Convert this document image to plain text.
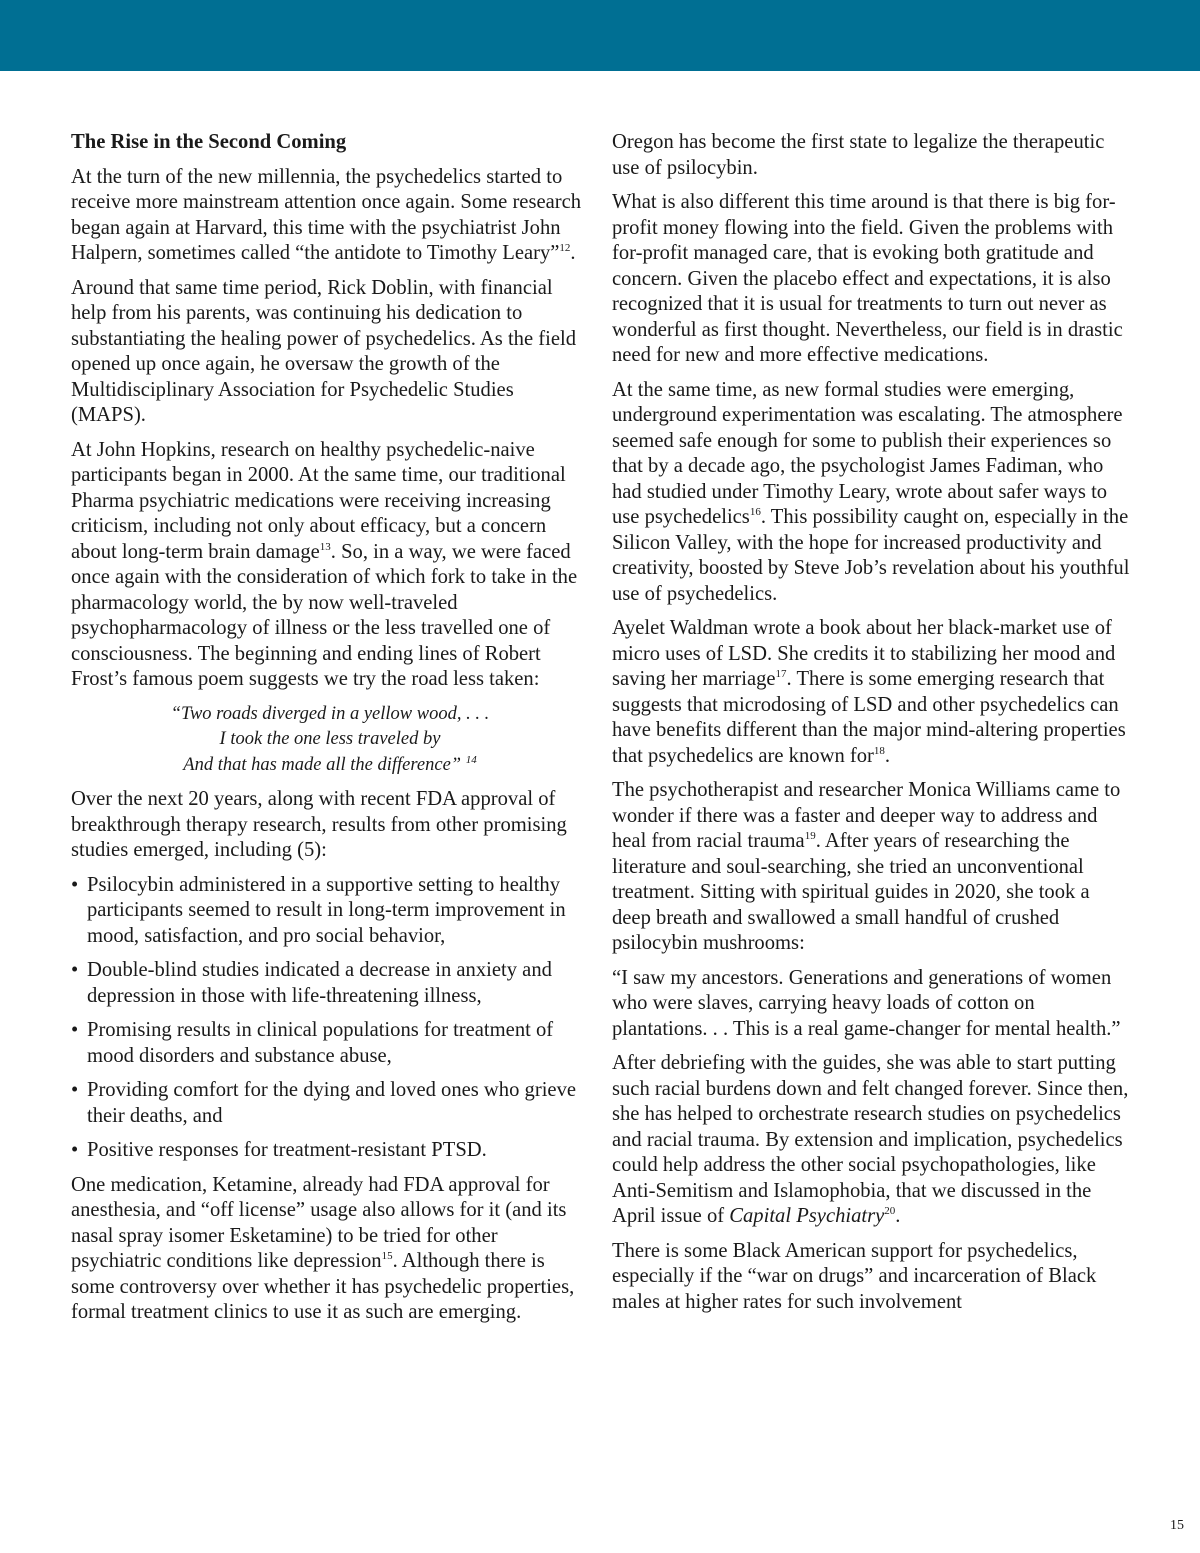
The Rise in the Second Coming

At the turn of the new millennia, the psychedelics started to receive more mainstream attention once again. Some research began again at Harvard, this time with the psychiatrist John Halpern, sometimes called “the antidote to Timothy Leary”$^{12}$.

Around that same time period, Rick Doblin, with financial help from his parents, was continuing his dedication to substantiating the healing power of psychedelics. As the field opened up once again, he oversaw the growth of the Multidisciplinary Association for Psychedelic Studies (MAPS).

At John Hopkins, research on healthy psychedelic-naive participants began in 2000. At the same time, our traditional Pharma psychiatric medications were receiving increasing criticism, including not only about efficacy, but a concern about long-term brain damage$^{13}$. So, in a way, we were faced once again with the consideration of which fork to take in the pharmacology world, the by now well-traveled psychopharmacology of illness or the less travelled one of consciousness. The beginning and ending lines of Robert Frost’s famous poem suggests we try the road less taken:

“Two roads diverged in a yellow wood, . . .
I took the one less traveled by
And that has made all the difference” $^{14}$

Over the next 20 years, along with recent FDA approval of breakthrough therapy research, results from other promising studies emerged, including (5):

• Psilocybin administered in a supportive setting to healthy participants seemed to result in long-term improvement in mood, satisfaction, and pro social behavior,
• Double-blind studies indicated a decrease in anxiety and depression in those with life-threatening illness,
• Promising results in clinical populations for treatment of mood disorders and substance abuse,
• Providing comfort for the dying and loved ones who grieve their deaths, and
• Positive responses for treatment-resistant PTSD.

One medication, Ketamine, already had FDA approval for anesthesia, and “off license” usage also allows for it (and its nasal spray isomer Esketamine) to be tried for other psychiatric conditions like depression$^{15}$. Although there is some controversy over whether it has psychedelic properties, formal treatment clinics to use it as such are emerging.

Oregon has become the first state to legalize the therapeutic use of psilocybin.

What is also different this time around is that there is big for-profit money flowing into the field. Given the problems with for-profit managed care, that is evoking both gratitude and concern. Given the placebo effect and expectations, it is also recognized that it is usual for treatments to turn out never as wonderful as first thought. Nevertheless, our field is in drastic need for new and more effective medications.

At the same time, as new formal studies were emerging, underground experimentation was escalating. The atmosphere seemed safe enough for some to publish their experiences so that by a decade ago, the psychologist James Fadiman, who had studied under Timothy Leary, wrote about safer ways to use psychedelics$^{16}$. This possibility caught on, especially in the Silicon Valley, with the hope for increased productivity and creativity, boosted by Steve Job’s revelation about his youthful use of psychedelics.

Ayelet Waldman wrote a book about her black-market use of micro uses of LSD. She credits it to stabilizing her mood and saving her marriage$^{17}$. There is some emerging research that suggests that microdosing of LSD and other psychedelics can have benefits different than the major mind-altering properties that psychedelics are known for$^{18}$.

The psychotherapist and researcher Monica Williams came to wonder if there was a faster and deeper way to address and heal from racial trauma$^{19}$. After years of researching the literature and soul-searching, she tried an unconventional treatment. Sitting with spiritual guides in 2020, she took a deep breath and swallowed a small handful of crushed psilocybin mushrooms:

“I saw my ancestors. Generations and generations of women who were slaves, carrying heavy loads of cotton on plantations. . . This is a real game-changer for mental health.”

After debriefing with the guides, she was able to start putting such racial burdens down and felt changed forever. Since then, she has helped to orchestrate research studies on psychedelics and racial trauma. By extension and implication, psychedelics could help address the other social psychopathologies, like Anti-Semitism and Islamophobia, that we discussed in the April issue of Capital Psychiatry$^{20}$.

There is some Black American support for psychedelics, especially if the “war on drugs” and incarceration of Black males at higher rates for such involvement

15
